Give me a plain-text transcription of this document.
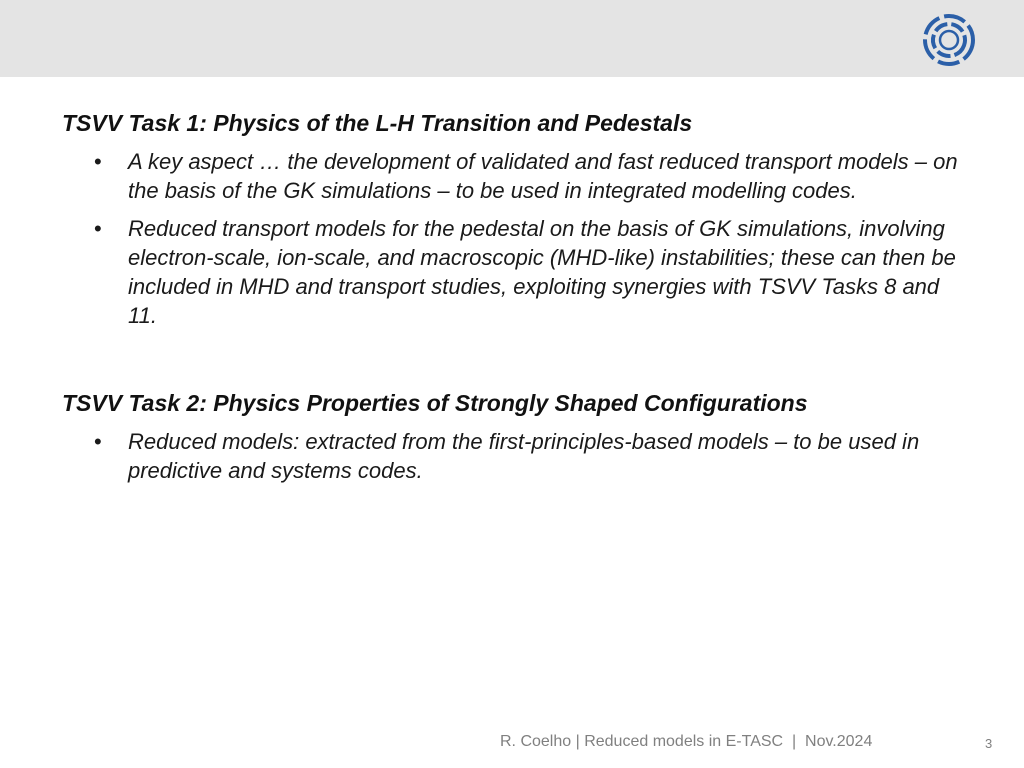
TSVV Task 1: Physics of the L-H Transition and Pedestals
• A key aspect … the development of validated and fast reduced transport models – on the basis of the GK simulations – to be used in integrated modelling codes.
• Reduced transport models for the pedestal on the basis of GK simulations, involving electron-scale, ion-scale, and macroscopic (MHD-like) instabilities; these can then be included in MHD and transport studies, exploiting synergies with TSVV Tasks 8 and 11.
TSVV Task 2: Physics Properties of Strongly Shaped Configurations
• Reduced models: extracted from the first-principles-based models – to be used in predictive and systems codes.
R. Coelho | Reduced models in E-TASC  |  Nov.2024	3
